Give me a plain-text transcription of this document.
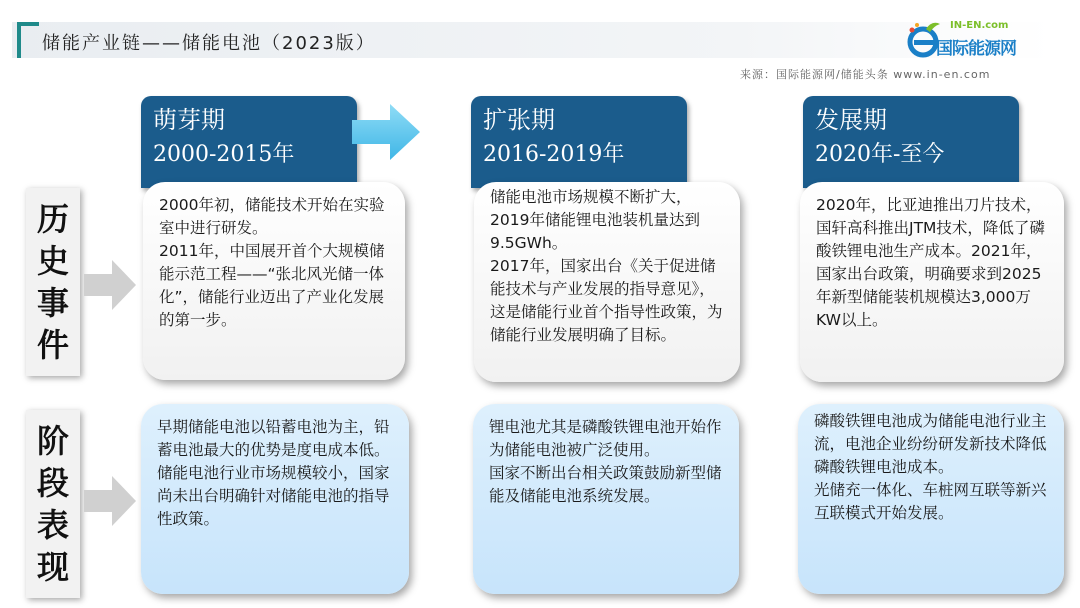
储能产业链——储能电池（2023版）
IN-EN.com
国际能源网
来源：国际能源网/储能头条 www.in-en.com
萌芽期
2000-2015年
扩张期
2016-2019年
发展期
2020年-至今
历
史
事
件
阶
段
表
现

2000年初，储能技术开始在实验室中进行研发。

2011年，中国展开首个大规模储能示范工程——“张北风光储一体化”，储能行业迈出了产业化发展的第一步。

储能电池市场规模不断扩大，2019年储能锂电池装机量达到9.5GWh。

2017年，国家出台《关于促进储能技术与产业发展的指导意见》，这是储能行业首个指导性政策，为储能行业发展明确了目标。

2020年，比亚迪推出刀片技术，国轩高科推出JTM技术，降低了磷酸铁锂电池生产成本。2021年，国家出台政策，明确要求到2025年新型储能装机规模达3,000万KW以上。

早期储能电池以铅蓄电池为主，铅蓄电池最大的优势是度电成本低。

储能电池行业市场规模较小，国家尚未出台明确针对储能电池的指导性政策。

锂电池尤其是磷酸铁锂电池开始作为储能电池被广泛使用。

国家不断出台相关政策鼓励新型储能及储能电池系统发展。

磷酸铁锂电池成为储能电池行业主流，电池企业纷纷研发新技术降低磷酸铁锂电池成本。

光储充一体化、车桩网互联等新兴互联模式开始发展。
